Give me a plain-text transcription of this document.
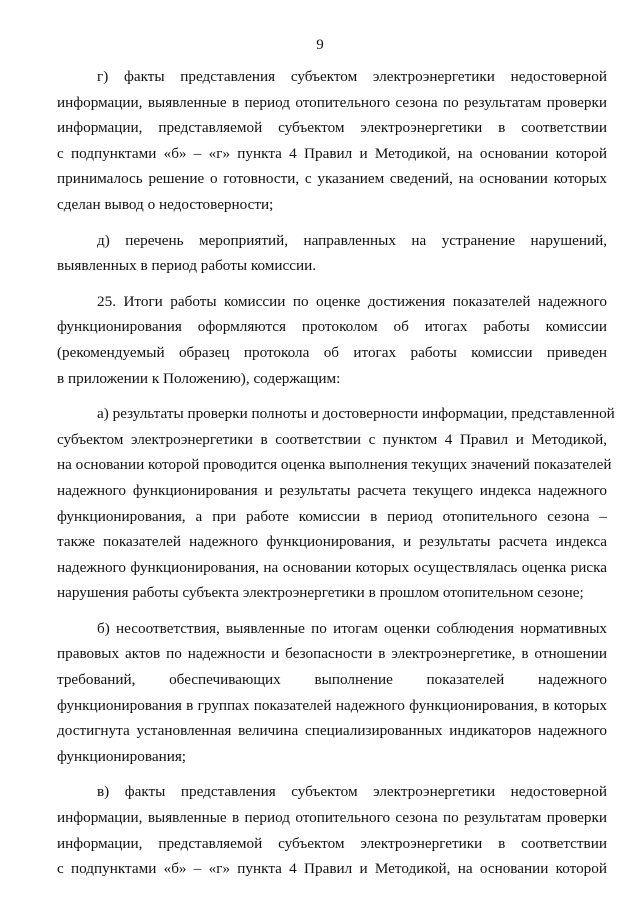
9

г) факты представления субъектом электроэнергетики недостоверной
информации, выявленные в период отопительного сезона по результатам проверки
информации, представляемой субъектом электроэнергетики в соответствии
с подпунктами «б» – «г» пункта 4 Правил и Методикой, на основании которой
принималось решение о готовности, с указанием сведений, на основании которых
сделан вывод о недостоверности;

д) перечень мероприятий, направленных на устранение нарушений,
выявленных в период работы комиссии.

25. Итоги работы комиссии по оценке достижения показателей надежного
функционирования оформляются протоколом об итогах работы комиссии
(рекомендуемый образец протокола об итогах работы комиссии приведен
в приложении к Положению), содержащим:

а) результаты проверки полноты и достоверности информации, представленной
субъектом электроэнергетики в соответствии с пунктом 4 Правил и Методикой,
на основании которой проводится оценка выполнения текущих значений показателей
надежного функционирования и результаты расчета текущего индекса надежного
функционирования, а при работе комиссии в период отопительного сезона –
также показателей надежного функционирования, и результаты расчета индекса
надежного функционирования, на основании которых осуществлялась оценка риска
нарушения работы субъекта электроэнергетики в прошлом отопительном сезоне;

б) несоответствия, выявленные по итогам оценки соблюдения нормативных
правовых актов по надежности и безопасности в электроэнергетике, в отношении
требований, обеспечивающих выполнение показателей надежного
функционирования в группах показателей надежного функционирования, в которых
достигнута установленная величина специализированных индикаторов надежного
функционирования;

в) факты представления субъектом электроэнергетики недостоверной
информации, выявленные в период отопительного сезона по результатам проверки
информации, представляемой субъектом электроэнергетики в соответствии
с подпунктами «б» – «г» пункта 4 Правил и Методикой, на основании которой
